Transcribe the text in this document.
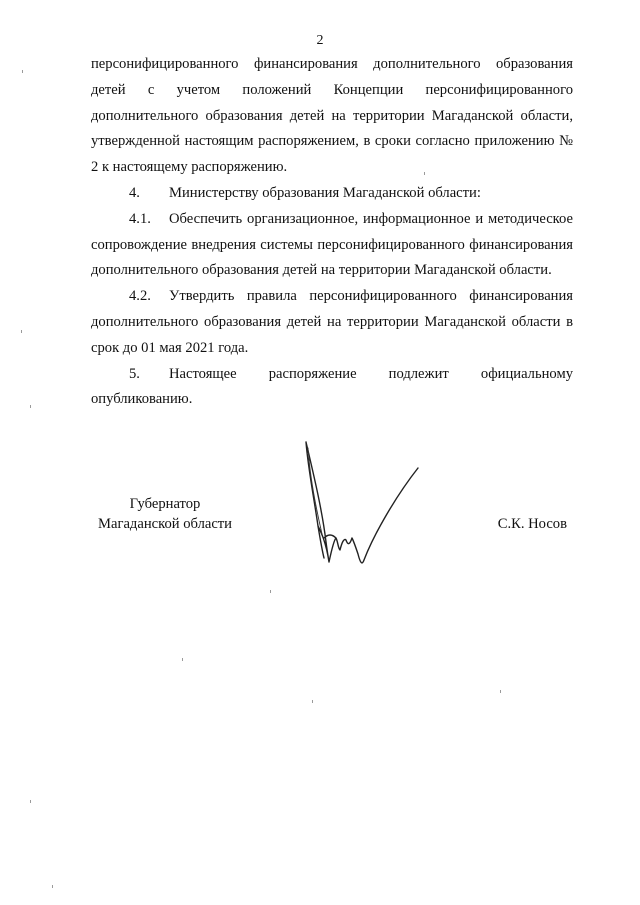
2

персонифицированного финансирования дополнительного образования детей с учетом положений Концепции персонифицированного дополнительного образования детей на территории Магаданской области, утвержденной настоящим распоряжением, в сроки согласно приложению № 2 к настоящему распоряжению.

4. Министерству образования Магаданской области:

4.1. Обеспечить организационное, информационное и методическое сопровождение внедрения системы персонифицированного финансирования дополнительного образования детей на территории Магаданской области.

4.2. Утвердить правила персонифицированного финансирования дополнительного образования детей на территории Магаданской области в срок до 01 мая 2021 года.

5. Настоящее распоряжение подлежит официальному опубликованию.

Губернатор
Магаданской области	С.К. Носов
